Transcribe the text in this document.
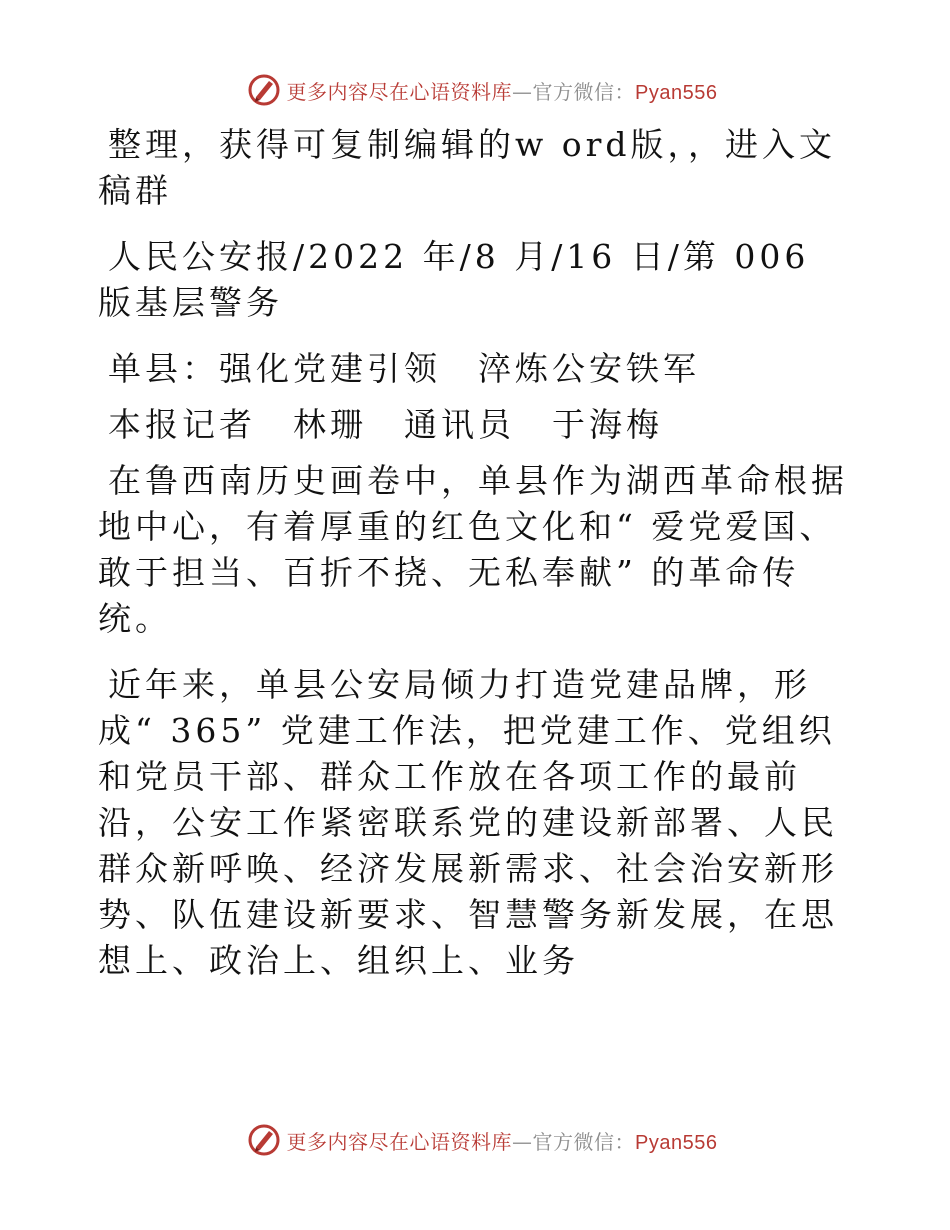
更多内容尽在心语资料库—官方微信：Pyan556

整理，获得可复制编辑的w ord版，，进入文稿群

人民公安报/2022 年/8 月/16 日/第 006 版基层警务

单县：强化党建引领　淬炼公安铁军

本报记者　林珊　通讯员　于海梅

在鲁西南历史画卷中，单县作为湖西革命根据地中心，有着厚重的红色文化和“ 爱党爱国、敢于担当、百折不挠、无私奉献” 的革命传统。

近年来，单县公安局倾力打造党建品牌，形成“ 365” 党建工作法，把党建工作、党组织和党员干部、群众工作放在各项工作的最前沿，公安工作紧密联系党的建设新部署、人民群众新呼唤、经济发展新需求、社会治安新形势、队伍建设新要求、智慧警务新发展，在思想上、政治上、组织上、业务

更多内容尽在心语资料库—官方微信：Pyan556
